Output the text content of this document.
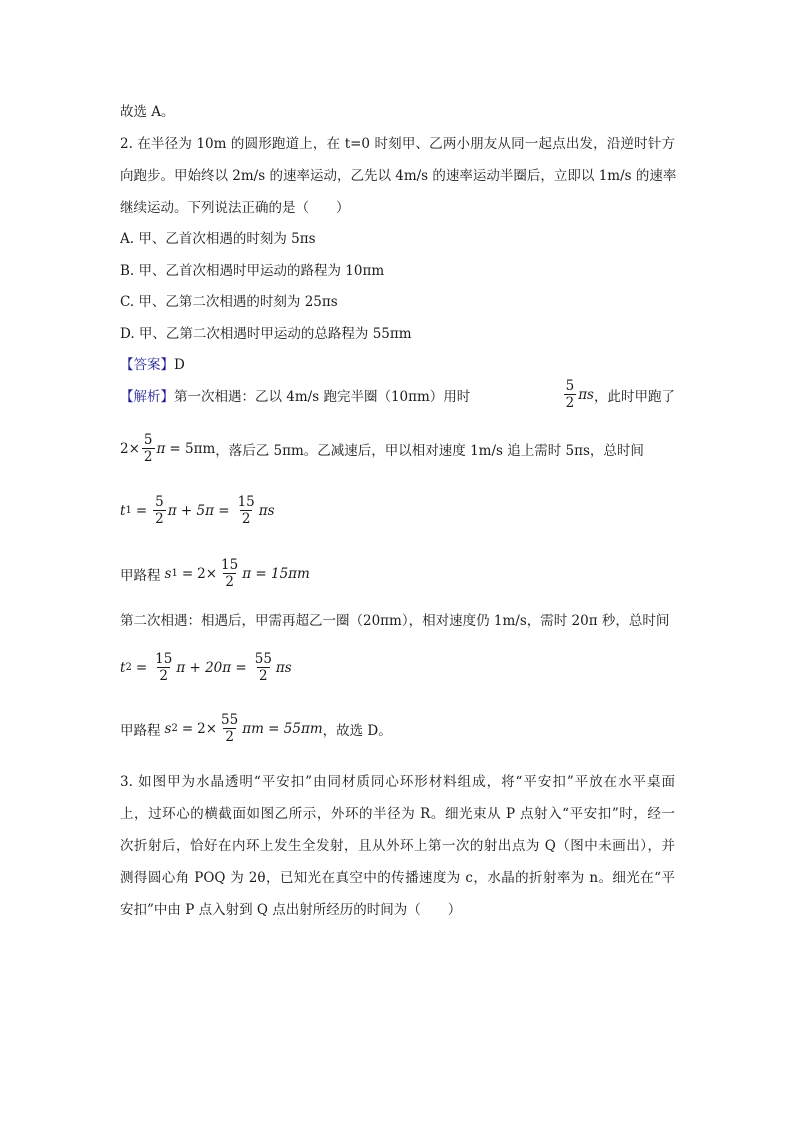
故选 A。
2. 在半径为 10m 的圆形跑道上，在 t=0 时刻甲、乙两小朋友从同一起点出发，沿逆时针方
向跑步。甲始终以 2m/s 的速率运动，乙先以 4m/s 的速率运动半圈后，立即以 1m/s 的速率
继续运动。下列说法正确的是（　　）
A. 甲、乙首次相遇的时刻为 5πs
B. 甲、乙首次相遇时甲运动的路程为 10πm
C. 甲、乙第二次相遇的时刻为 25πs
D. 甲、乙第二次相遇时甲运动的总路程为 55πm
【答案】D
【解析】第一次相遇：乙以 4m/s 跑完半圈（10πm）用时	$\frac{5}{2}$ πs ，此时甲跑了
$2\times \frac{5}{2}$ π = 5πm ，落后乙 5πm。乙减速后，甲以相对速度 1m/s 追上需时 5πs，总时间
t $1 = \frac{5}{2}$ $\pi + 5\pi = \frac{15}{2}$ πs
甲路程 s $1 = 2\times \frac{15}{2}$ π = 15πm
第二次相遇：相遇后，甲需再超乙一圈（20πm），相对速度仍 1m/s，需时 20π 秒，总时间
t $2 = \frac{15}{2}$ $\pi + 20\pi = \frac{55}{2}$ πs
甲路程 s $2 = 2\times \frac{55}{2}$ πm = 55πm ，故选 D。
3. 如图甲为水晶透明“平安扣”由同材质同心环形材料组成，将“平安扣”平放在水平桌面
上，过环心的横截面如图乙所示，外环的半径为 R。细光束从 P 点射入“平安扣”时，经一
次折射后，恰好在内环上发生全发射，且从外环上第一次的射出点为 Q（图中未画出），并
测得圆心角 POQ 为 2θ，已知光在真空中的传播速度为 c，水晶的折射率为 n。细光在“平
安扣”中由 P 点入射到 Q 点出射所经历的时间为（　　）
